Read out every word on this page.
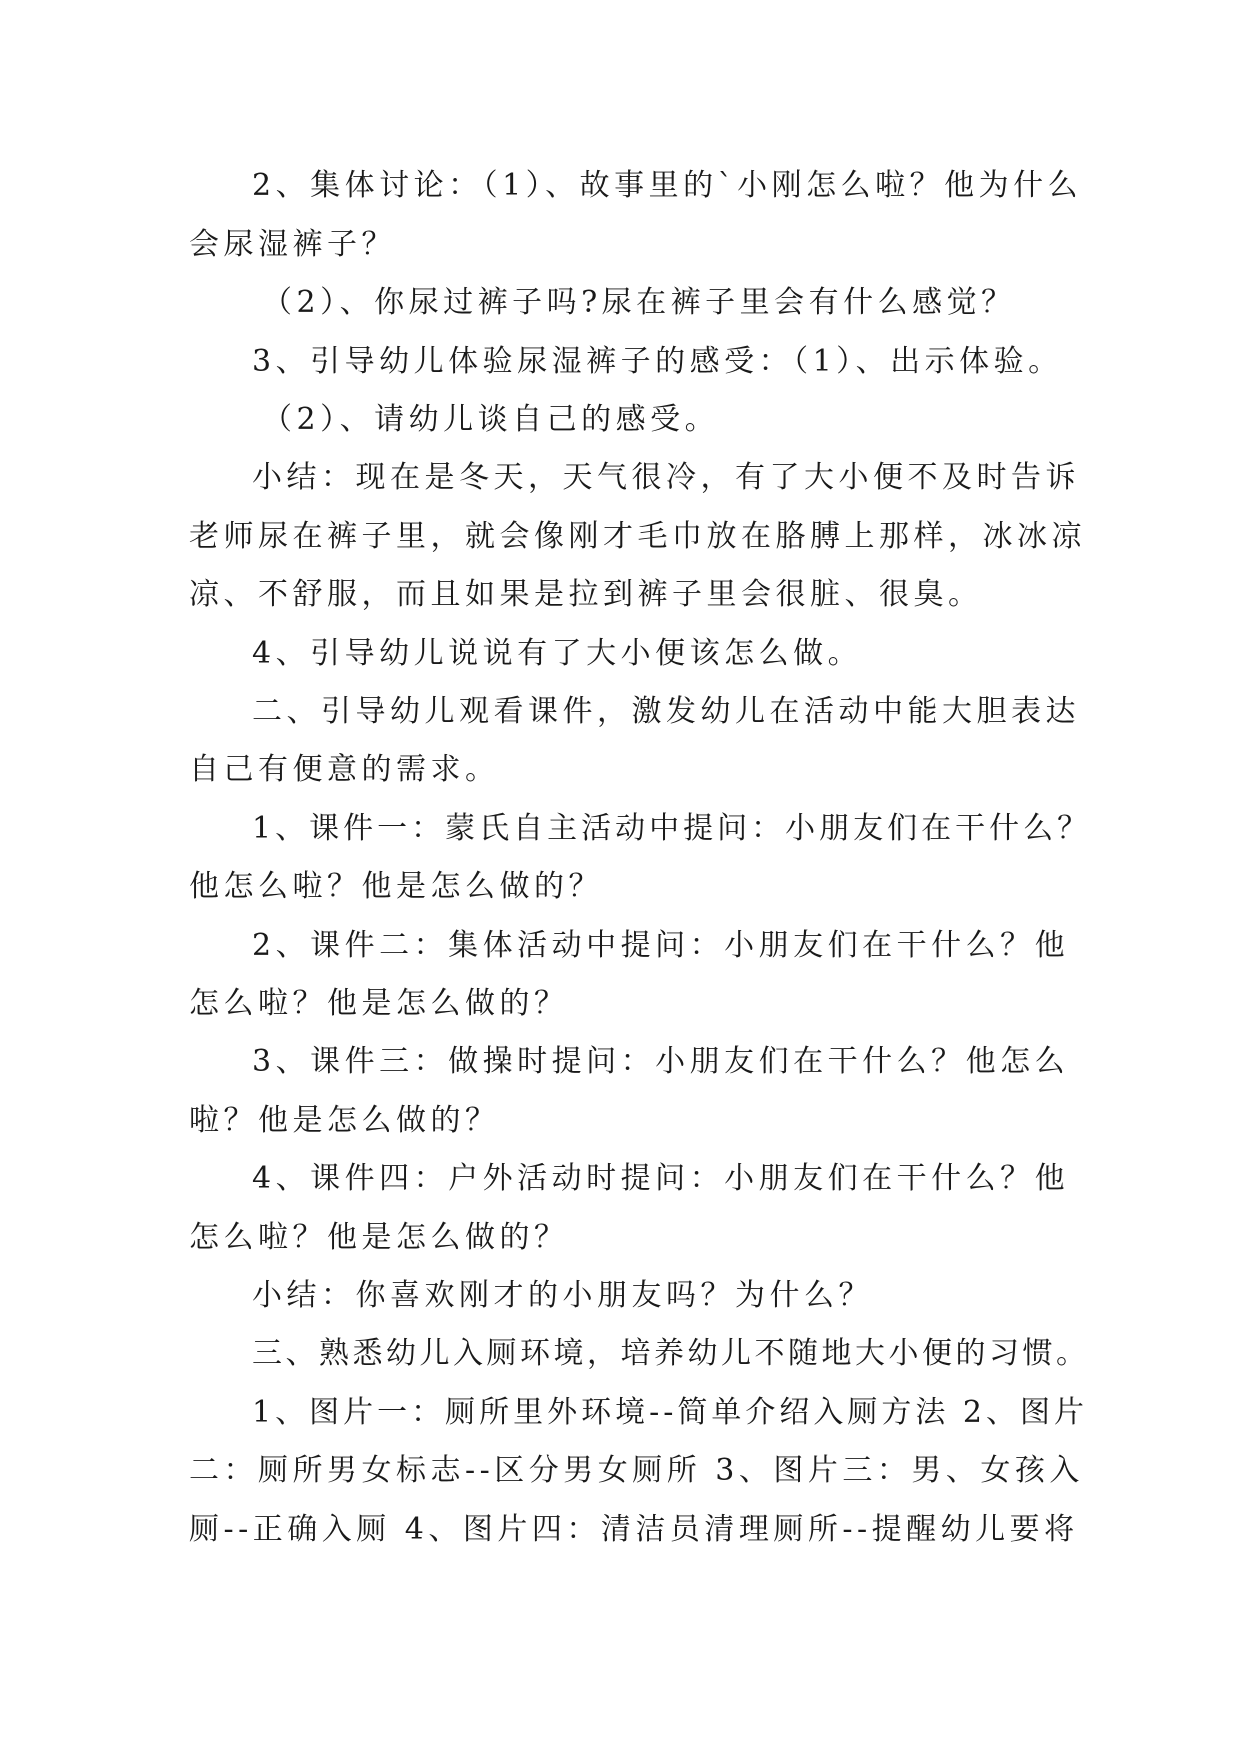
2、集体讨论：（1）、故事里的`小刚怎么啦？他为什么
会尿湿裤子？
（2）、你尿过裤子吗?尿在裤子里会有什么感觉？
3、引导幼儿体验尿湿裤子的感受：（1）、出示体验。
（2）、请幼儿谈自己的感受。
小结：现在是冬天，天气很冷，有了大小便不及时告诉
老师尿在裤子里，就会像刚才毛巾放在胳膊上那样，冰冰凉
凉、不舒服，而且如果是拉到裤子里会很脏、很臭。
4、引导幼儿说说有了大小便该怎么做。
二、引导幼儿观看课件，激发幼儿在活动中能大胆表达
自己有便意的需求。
1、课件一：蒙氏自主活动中提问：小朋友们在干什么？
他怎么啦？他是怎么做的？
2、课件二：集体活动中提问：小朋友们在干什么？他
怎么啦？他是怎么做的？
3、课件三：做操时提问：小朋友们在干什么？他怎么
啦？他是怎么做的？
4、课件四：户外活动时提问：小朋友们在干什么？他
怎么啦？他是怎么做的？
小结：你喜欢刚才的小朋友吗？为什么？
三、熟悉幼儿入厕环境，培养幼儿不随地大小便的习惯。
1、图片一：厕所里外环境--简单介绍入厕方法 2、图片
二：厕所男女标志--区分男女厕所 3、图片三：男、女孩入
厕--正确入厕 4、图片四：清洁员清理厕所--提醒幼儿要将
